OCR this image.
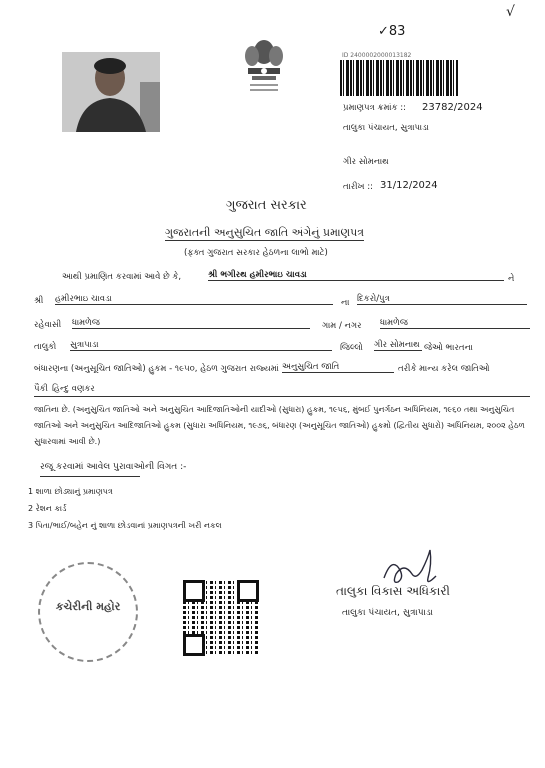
✓83
√
ID 2400002000013182
પ્રમાણપત્ર ક્રમાંક :: 23782/2024
તાલુકા પંચાયત, સુત્રાપાડા
ગીર સોમનાથ
તારીખ :: 31/12/2024
ગુજરાત સરકાર
ગુજરાતની અનુસુચિત જાતિ અંગેનું પ્રમાણપત્ર
(ફક્ત ગુજરાત સરકાર હેઠળના લાભો માટે)
આથી પ્રમાણિત કરવામાં આવે છે કે,	શ્રી ભગીરથ હમીરભાઇ ચાવડા	ને
શ્રી હમીરભાઇ ચાવડા	ના દિકરો/પુત્ર
રહેવાસી ધામળેજ	ગામ / નગર ધામળેજ
તાલુકો સુત્રાપાડા	જિલ્લો ગીર સોમનાથ જેઓ ભારતના
બંધારણના (અનુસૂચિત જાતિઓ) હુકમ - ૧૯૫૦, હેઠળ ગુજરાત રાજ્યમાં અનુસુચિત જાતિ	તરીકે માન્ય કરેલ જાતિઓ
પૈકી હિન્દુ વણકર
જાતિના છે. (અનુસુચિત જાતિઓ અને અનુસુચિત આદિજાતિઓની યાદીઓ (સુધારા) હુકમ, ૧૯૫૬, મુંબઈ પુનર્ગઠન અધિનિયમ, ૧૯૬૦ તથા અનુસુચિત જાતિઓ અને અનુસુચિત આદિજાતિઓ હુકમ (સુધારા અધિનિયમ, ૧૯૭૬, બંધારણ (અનુસૂચિત જાતિઓ) હુકમો (દ્વિતીય સુધારો) અધિનિયમ, ૨૦૦૨ હેઠળ સુધારવામાં આવી છે.)
રજૂ કરવામાં આવેલ પુરાવાઓની વિગત :-
1 શાળા છોડ્યાનું પ્રમાણપત્ર
2 રેશન કાર્ડ
3 પિતા/ભાઈ/બહેન નું શાળા છોડવાનાં પ્રમાણપત્રની ખરી નકલ
કચેરીની મહોર
તાલુકા વિકાસ અધિકારી
તાલુકા પંચાયત, સુત્રાપાડા
